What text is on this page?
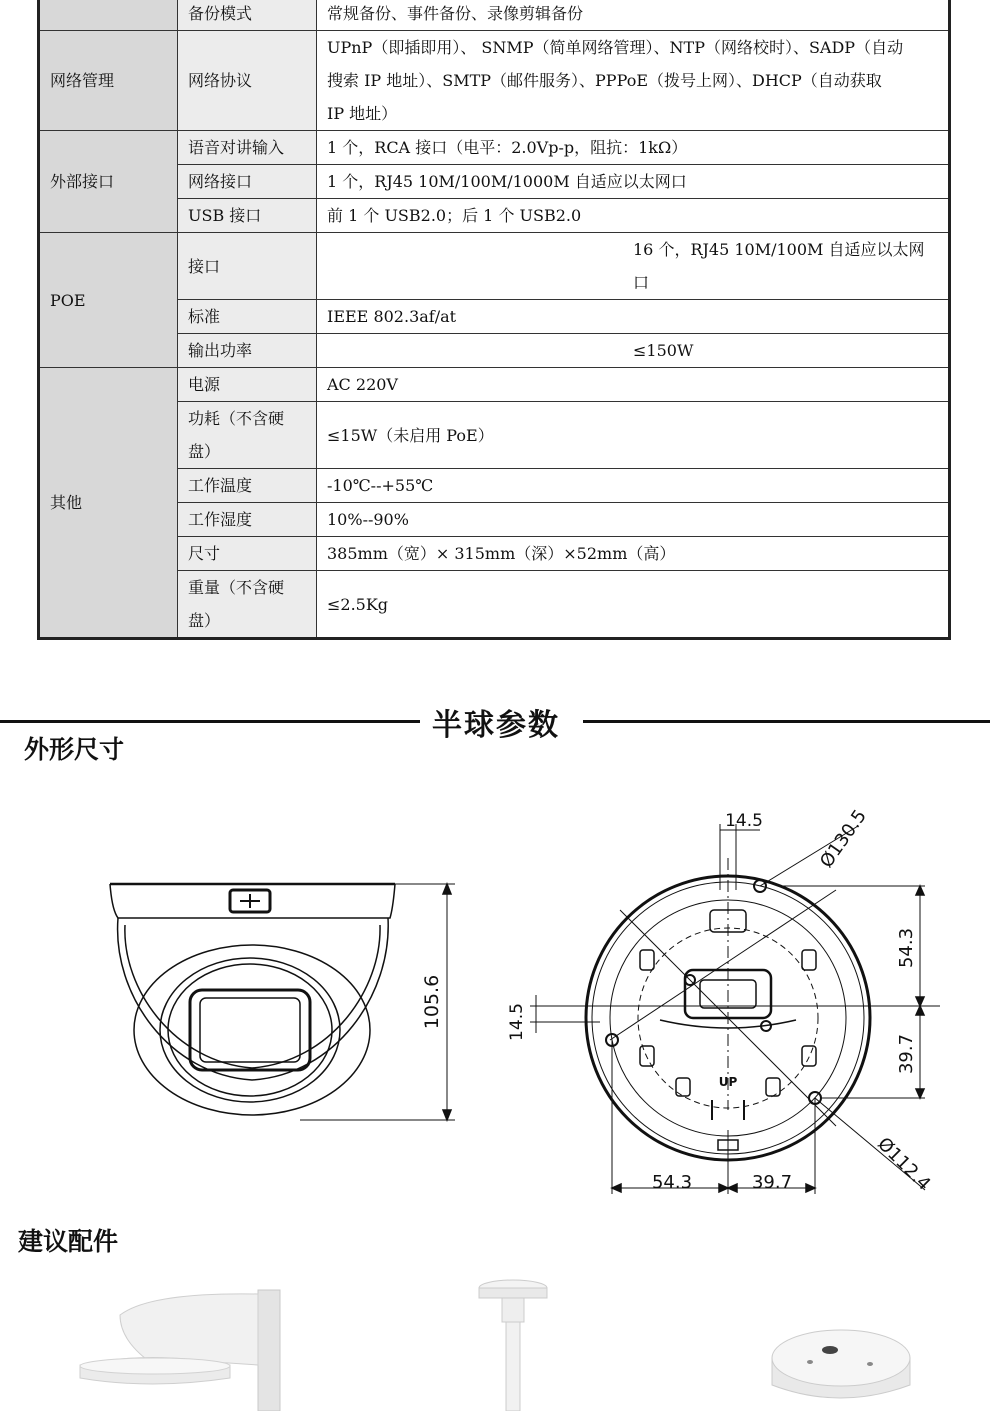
	备份模式	常规备份、事件备份、录像剪辑备份
网络管理	网络协议	UPnP（即插即用）、 SNMP（简单网络管理）、NTP（网络校时）、SADP（自动
搜索 IP 地址）、SMTP（邮件服务）、PPPoE（拨号上网）、DHCP（自动获取
IP 地址）

外部接口	语音对讲输入	1 个，RCA 接口（电平：2.0Vp-p，阻抗：1kΩ）
	网络接口	1 个，RJ45 10M/100M/1000M 自适应以太网口
	USB 接口	前 1 个 USB2.0；后 1 个 USB2.0
POE	接口	16 个，RJ45 10M/100M 自适应以太网
口

	标准	IEEE 802.3af/at
	输出功率	≤150W

其他	电源	AC 220V

	功耗（不含硬
盘）	≤15W（未启用 PoE）
	工作温度	-10℃--+55℃
	工作湿度	10%--90%
	尺寸	385mm（宽）× 315mm（深）×52mm（高）

	重量（不含硬
盘）	≤2.5Kg
半球参数
外形尺寸
105.6
14.5	Ø130.5
54.3
39.7
14.5
Ø112.4
54.3	39.7
UP
建议配件
